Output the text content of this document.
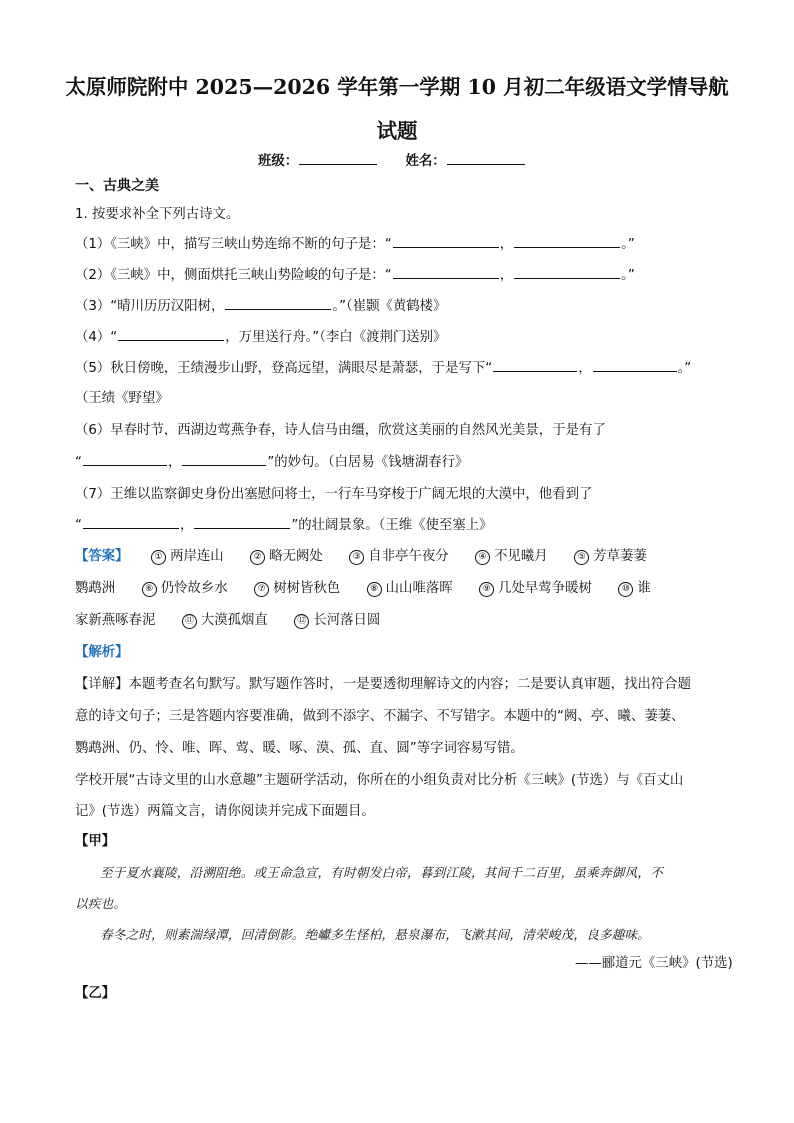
太原师院附中 2025—2026 学年第一学期 10 月初二年级语文学情导航
试题
班级：	姓名：
一、古典之美
1. 按要求补全下列古诗文。
（1）《三峡》中，描写三峡山势连绵不断的句子是：“	，	。”
（2）《三峡》中，侧面烘托三峡山势险峻的句子是：“	，	。”
（3）“晴川历历汉阳树，	。”（崔颢《黄鹤楼》
（4）“	，万里送行舟。”（李白《渡荆门送别》
（5）秋日傍晚，王绩漫步山野，登高远望，满眼尽是萧瑟，于是写下“	，	。”
（王绩《野望》
（6）早春时节，西湖边莺燕争春，诗人信马由缰，欣赏这美丽的自然风光美景，于是有了
“	，	”的妙句。（白居易《钱塘湖春行》
（7）王维以监察御史身份出塞慰问将士，一行车马穿梭于广阔无垠的大漠中，他看到了
“	，	”的壮阔景象。（王维《使至塞上》
【答案】	① 两岸连山	② 略无阙处	③ 自非亭午夜分	④ 不见曦月	⑤ 芳草萋萋
鹦鹉洲	⑥ 仍怜故乡水	⑦ 树树皆秋色	⑧ 山山唯落晖	⑨ 几处早莺争暖树	⑩ 谁
家新燕啄春泥	⑪ 大漠孤烟直	⑫ 长河落日圆
【解析】
【详解】本题考查名句默写。默写题作答时，一是要透彻理解诗文的内容；二是要认真审题，找出符合题
意的诗文句子；三是答题内容要准确，做到不添字、不漏字、不写错字。本题中的“阙、亭、曦、萋萋、
鹦鹉洲、仍、怜、唯、晖、莺、暖、啄、漠、孤、直、圆”等字词容易写错。
学校开展“古诗文里的山水意趣”主题研学活动，你所在的小组负责对比分析《三峡》(节选）与《百丈山
记》(节选）两篇文言，请你阅读并完成下面题目。
【甲】
至于夏水襄陵，沿溯阻绝。或王命急宣，有时朝发白帝，暮到江陵，其间千二百里，虽乘奔御风，不
以疾也。
春冬之时，则素湍绿潭，回清倒影。绝巘多生怪柏，悬泉瀑布，飞漱其间，清荣峻茂，良多趣味。
——郦道元《三峡》(节选)
【乙】
